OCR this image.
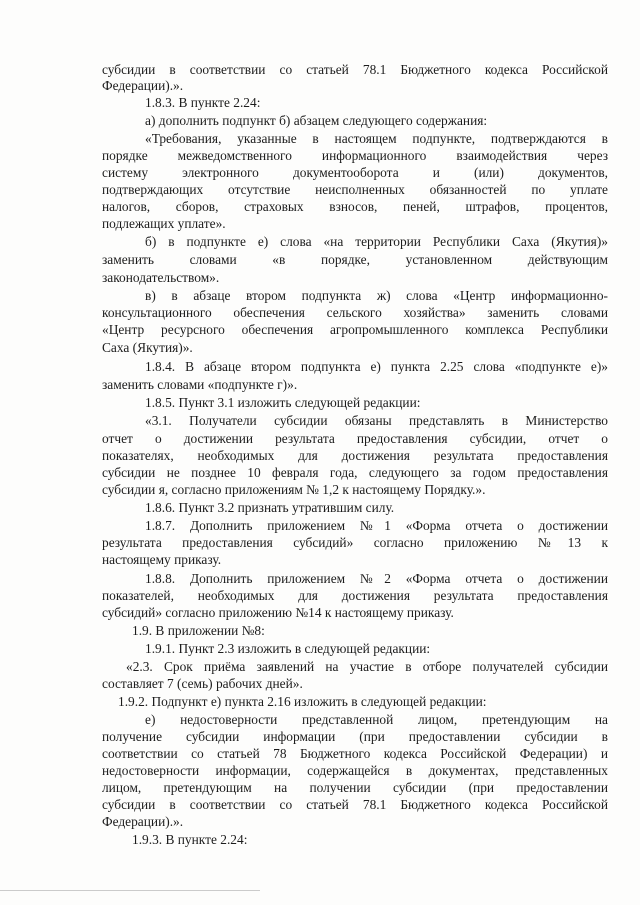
субсидии в соответствии со статьей 78.1 Бюджетного кодекса Российской
Федерации).».
1.8.3. В пункте 2.24:
а) дополнить подпункт б) абзацем следующего содержания:
«Требования, указанные в настоящем подпункте, подтверждаются в
порядке межведомственного информационного взаимодействия через
систему электронного документооборота и (или) документов,
подтверждающих отсутствие неисполненных обязанностей по уплате
налогов, сборов, страховых взносов, пеней, штрафов, процентов,
подлежащих уплате».
б) в подпункте е) слова «на территории Республики Саха (Якутия)»
заменить словами «в порядке, установленном действующим
законодательством».
в) в абзаце втором подпункта ж) слова «Центр информационно-
консультационного обеспечения сельского хозяйства» заменить словами
«Центр ресурсного обеспечения агропромышленного комплекса Республики
Саха (Якутия)».
1.8.4. В абзаце втором подпункта е) пункта 2.25 слова «подпункте е)»
заменить словами «подпункте г)».
1.8.5. Пункт 3.1 изложить следующей редакции:
«3.1. Получатели субсидии обязаны представлять в Министерство
отчет о достижении результата предоставления субсидии, отчет о
показателях, необходимых для достижения результата предоставления
субсидии не позднее 10 февраля года, следующего за годом предоставления
субсидии я, согласно приложениям № 1,2 к настоящему Порядку.».
1.8.6. Пункт 3.2 признать утратившим силу.
1.8.7. Дополнить приложением №1 «Форма отчета о достижении
результата предоставления субсидий» согласно приложению №13 к
настоящему приказу.
1.8.8. Дополнить приложением №2 «Форма отчета о достижении
показателей, необходимых для достижения результата предоставления
субсидий» согласно приложению №14 к настоящему приказу.
1.9. В приложении №8:
1.9.1. Пункт 2.3 изложить в следующей редакции:
«2.3. Срок приёма заявлений на участие в отборе получателей субсидии
составляет 7 (семь) рабочих дней».
1.9.2. Подпункт е) пункта 2.16 изложить в следующей редакции:
е) недостоверности представленной лицом, претендующим на
получение субсидии информации (при предоставлении субсидии в
соответствии со статьей 78 Бюджетного кодекса Российской Федерации) и
недостоверности информации, содержащейся в документах, представленных
лицом, претендующим на получении субсидии (при предоставлении
субсидии в соответствии со статьей 78.1 Бюджетного кодекса Российской
Федерации).».
1.9.3. В пункте 2.24:
